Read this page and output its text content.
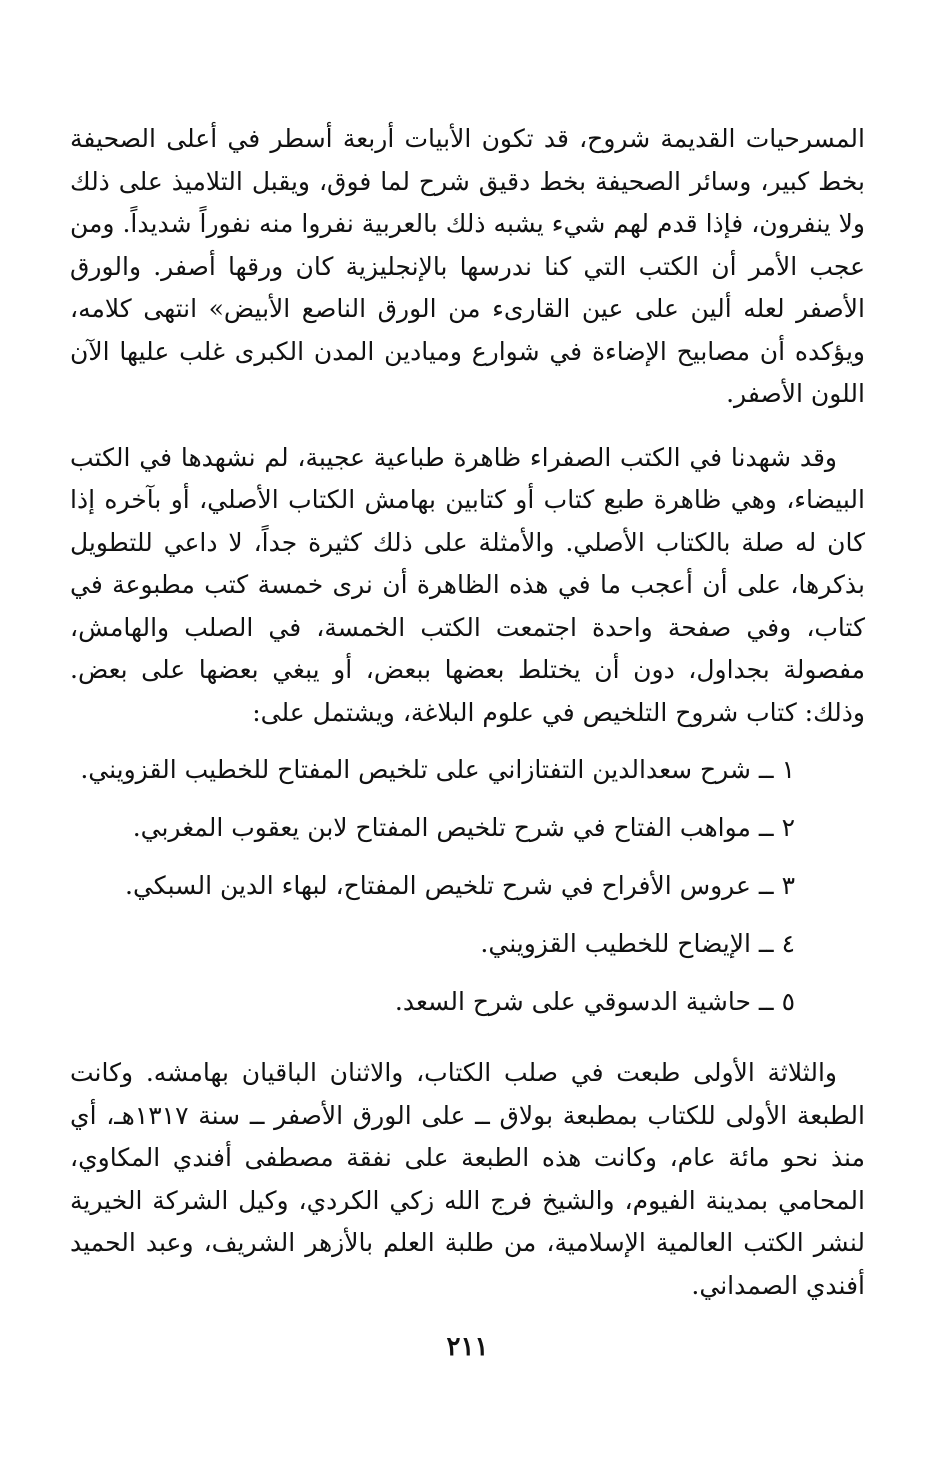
المسرحيات القديمة شروح، قد تكون الأبيات أربعة أسطر في أعلى الصحيفة بخط كبير، وسائر الصحيفة بخط دقيق شرح لما فوق، ويقبل التلاميذ على ذلك ولا ينفرون، فإذا قدم لهم شيء يشبه ذلك بالعربية نفروا منه نفوراً شديداً. ومن عجب الأمر أن الكتب التي كنا ندرسها بالإنجليزية كان ورقها أصفر. والورق الأصفر لعله ألين على عين القارىء من الورق الناصع الأبيض» انتهى كلامه، ويؤكده أن مصابيح الإضاءة في شوارع وميادين المدن الكبرى غلب عليها الآن اللون الأصفر.

وقد شهدنا في الكتب الصفراء ظاهرة طباعية عجيبة، لم نشهدها في الكتب البيضاء، وهي ظاهرة طبع كتاب أو كتابين بهامش الكتاب الأصلي، أو بآخره إذا كان له صلة بالكتاب الأصلي. والأمثلة على ذلك كثيرة جداً، لا داعي للتطويل بذكرها، على أن أعجب ما في هذه الظاهرة أن نرى خمسة كتب مطبوعة في كتاب، وفي صفحة واحدة اجتمعت الكتب الخمسة، في الصلب والهامش، مفصولة بجداول، دون أن يختلط بعضها ببعض، أو يبغي بعضها على بعض. وذلك: كتاب شروح التلخيص في علوم البلاغة، ويشتمل على:

١
ــ
شرح سعدالدين التفتازاني على تلخيص المفتاح للخطيب القزويني.
٢
ــ
مواهب الفتاح في شرح تلخيص المفتاح لابن يعقوب المغربي.
٣
ــ
عروس الأفراح في شرح تلخيص المفتاح، لبهاء الدين السبكي.
٤
ــ
الإيضاح للخطيب القزويني.
٥
ــ
حاشية الدسوقي على شرح السعد.

والثلاثة الأولى طبعت في صلب الكتاب، والاثنان الباقيان بهامشه. وكانت الطبعة الأولى للكتاب بمطبعة بولاق ــ على الورق الأصفر ــ سنة ١٣١٧هـ، أي منذ نحو مائة عام، وكانت هذه الطبعة على نفقة مصطفى أفندي المكاوي، المحامي بمدينة الفيوم، والشيخ فرج الله زكي الكردي، وكيل الشركة الخيرية لنشر الكتب العالمية الإسلامية، من طلبة العلم بالأزهر الشريف، وعبد الحميد أفندي الصمداني.

٢١١
